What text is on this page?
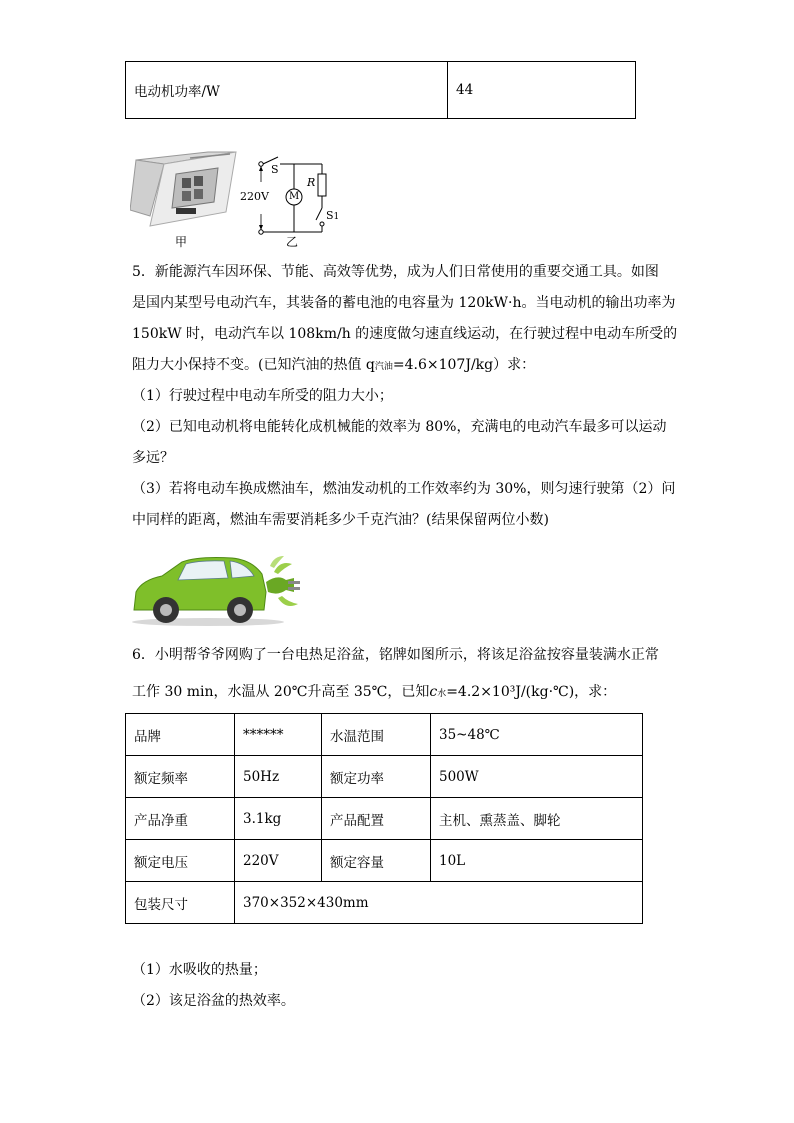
电动机功率/W	44
甲
S
220V M
R
S1
乙
5．新能源汽车因环保、节能、高效等优势，成为人们日常使用的重要交通工具。如图
是国内某型号电动汽车，其装备的蓄电池的电容量为 120kW·h。当电动机的输出功率为
150kW 时，电动汽车以 108km/h 的速度做匀速直线运动，在行驶过程中电动车所受的
阻力大小保持不变。(已知汽油的热值 q汽油=4.6×107J/kg）求：
（1）行驶过程中电动车所受的阻力大小；
（2）已知电动机将电能转化成机械能的效率为 80%，充满电的电动汽车最多可以运动
多远？
（3）若将电动车换成燃油车，燃油发动机的工作效率约为 30%，则匀速行驶第（2）问
中同样的距离，燃油车需要消耗多少千克汽油？(结果保留两位小数)
6．小明帮爷爷网购了一台电热足浴盆，铭牌如图所示，将该足浴盆按容量装满水正常
工作 30 min，水温从 20℃升高至 35℃，已知c水=4.2×10³J/(kg·℃)，求：
品牌	******	水温范围	35~48℃
额定频率	50Hz	额定功率	500W
产品净重	3.1kg	产品配置	主机、熏蒸盖、脚轮
额定电压	220V	额定容量	10L
包装尺寸	370×352×430mm		
（1）水吸收的热量；
（2）该足浴盆的热效率。
